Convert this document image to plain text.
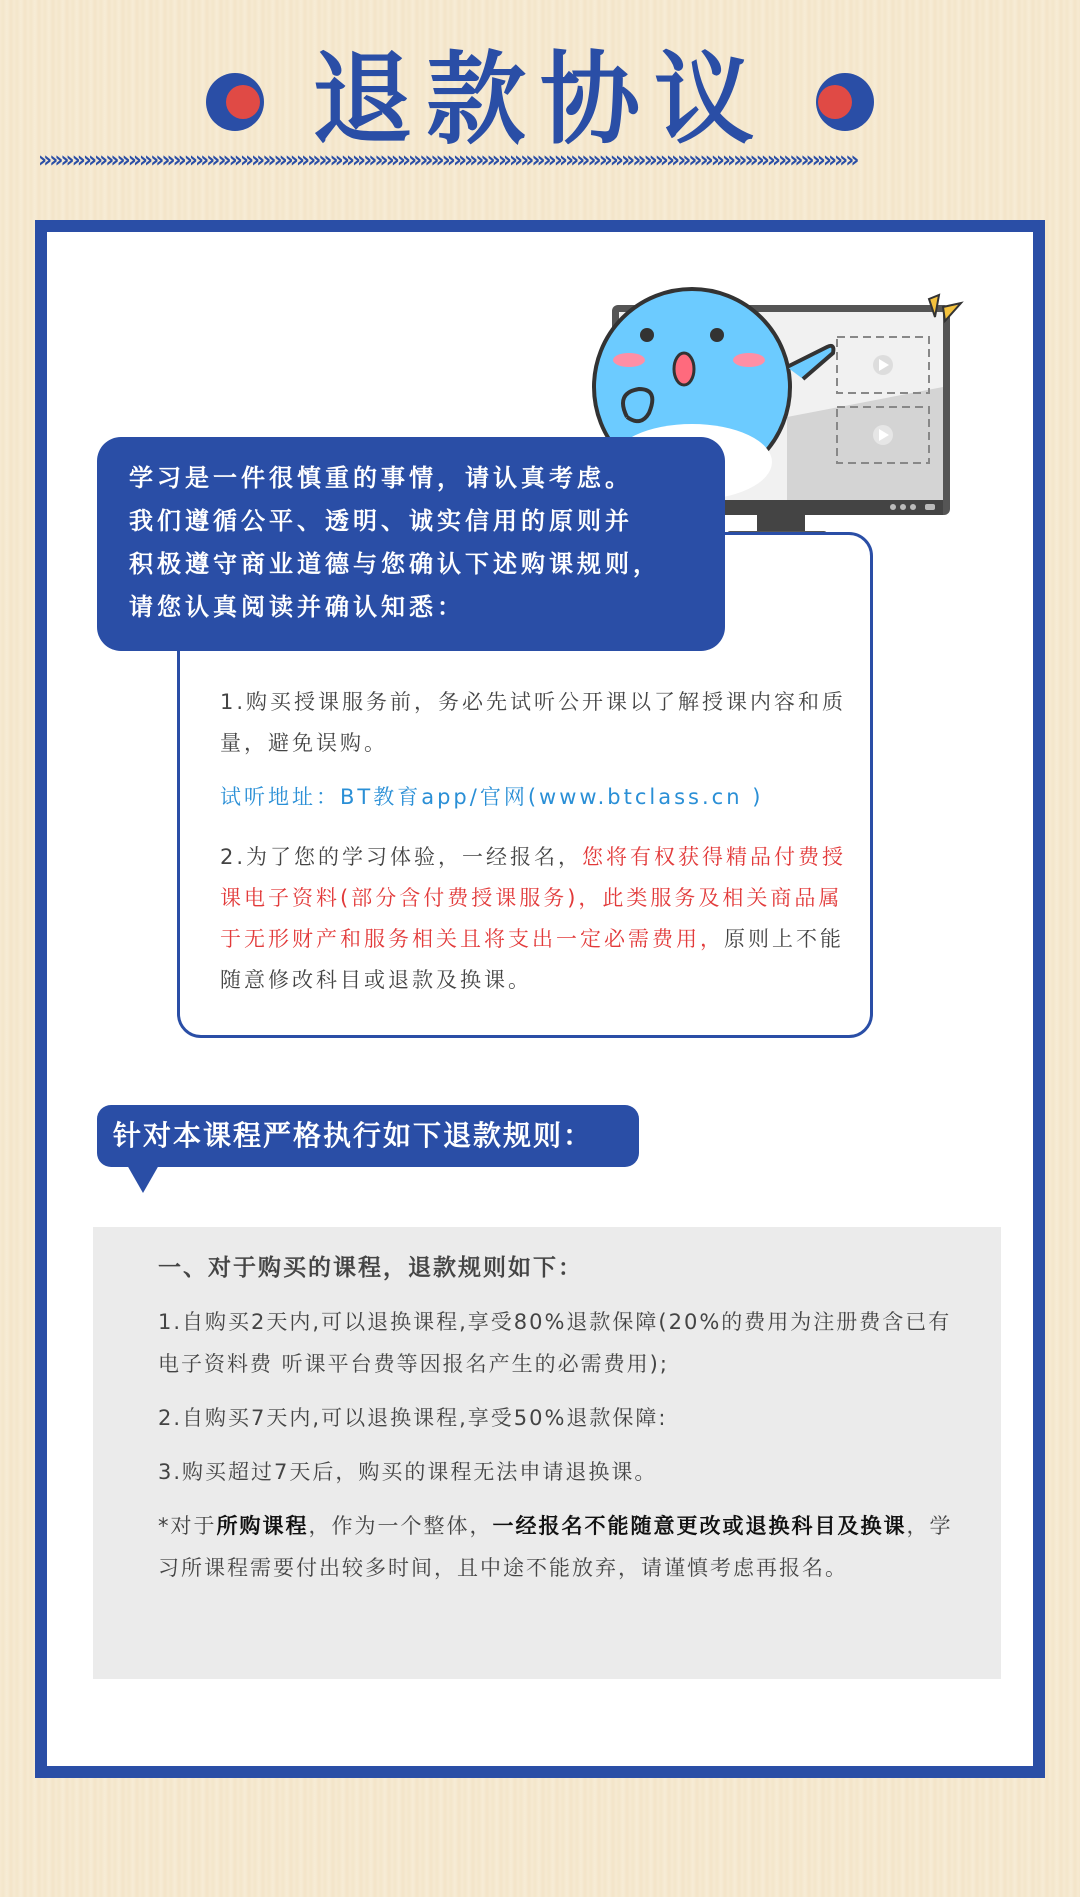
退款协议
»»»»»»»»»»»»»»»»»»»»»»»»»»»»»»»»»»»»»»»»»»»»»»»»»»»»»»»»»»»»»»»»»»»»»»»»»
1.购买授课服务前，务必先试听公开课以了解授课内容和质量，避免误购。
试听地址：BT教育app/官网(www.btclass.cn )
2.为了您的学习体验，一经报名，您将有权获得精品付费授课电子资料(部分含付费授课服务)，此类服务及相关商品属于无形财产和服务相关且将支出一定必需费用，原则上不能随意修改科目或退款及换课。
学习是一件很慎重的事情，请认真考虑。
我们遵循公平、透明、诚实信用的原则并
积极遵守商业道德与您确认下述购课规则，
请您认真阅读并确认知悉：
针对本课程严格执行如下退款规则：
一、对于购买的课程，退款规则如下：
1.自购买2天内,可以退换课程,享受80%退款保障(20%的费用为注册费含已有电子资料费 听课平台费等因报名产生的必需费用);
2.自购买7天内,可以退换课程,享受50%退款保障:
3.购买超过7天后，购买的课程无法申请退换课。
*对于所购课程，作为一个整体，一经报名不能随意更改或退换科目及换课，学习所课程需要付出较多时间，且中途不能放弃，请谨慎考虑再报名。
